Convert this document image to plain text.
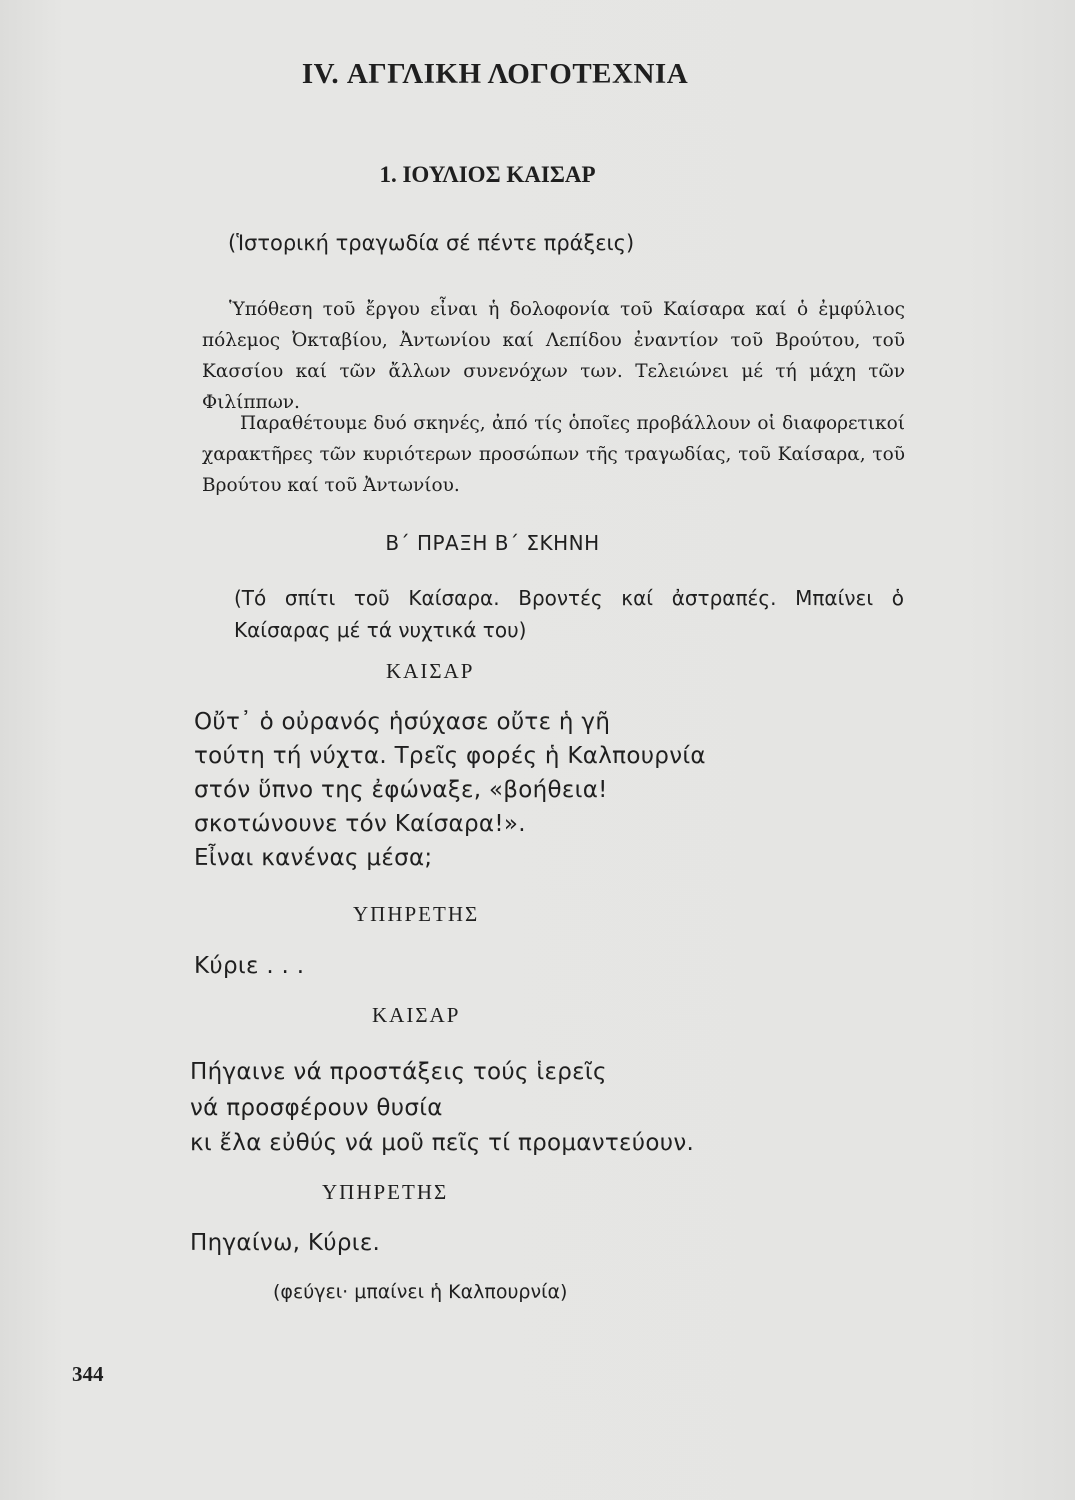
IV. ΑΓΓΛΙΚΗ ΛΟΓΟΤΕΧΝΙΑ
1. ΙΟΥΛΙΟΣ ΚΑΙΣΑΡ
(Ἱστορική τραγωδία σέ πέντε πράξεις)
Ὑπόθεση τοῦ ἔργου εἶναι ἡ δολοφονία τοῦ Καίσαρα καί ὁ ἐμφύλιος πόλεμος Ὀκταβίου, Ἀντωνίου καί Λεπίδου ἐναντίον τοῦ Βρούτου, τοῦ Κασσίου καί τῶν ἄλλων συνενόχων των. Τελειώνει μέ τή μάχη τῶν Φιλίππων.
Παραθέτουμε δυό σκηνές, ἀπό τίς ὁποῖες προβάλλουν οἱ διαφορετικοί χαρακτῆρες τῶν κυριότερων προσώπων τῆς τραγωδίας, τοῦ Καίσαρα, τοῦ Βρούτου καί τοῦ Ἀντωνίου.
Β΄ ΠΡΑΞΗ Β΄ ΣΚΗΝΗ
(Τό σπίτι τοῦ Καίσαρα. Βροντές καί ἀστραπές. Μπαίνει ὁ Καίσαρας μέ τά νυχτικά του)
ΚΑΙΣΑΡ
Οὔτ᾽ ὁ οὐρανός ἡσύχασε οὔτε ἡ γῆ
τούτη τή νύχτα. Τρεῖς φορές ἡ Καλπουρνία
στόν ὕπνο της ἐφώναξε, «βοήθεια!
σκοτώνουνε τόν Καίσαρα!».
Εἶναι κανένας μέσα;
ΥΠΗΡΕΤΗΣ
Κύριε . . .
ΚΑΙΣΑΡ
Πήγαινε νά προστάξεις τούς ἱερεῖς
νά προσφέρουν θυσία
κι ἔλα εὐθύς νά μοῦ πεῖς τί προμαντεύουν.
ΥΠΗΡΕΤΗΣ
Πηγαίνω, Κύριε.
(φεύγει· μπαίνει ἡ Καλπουρνία)
344
